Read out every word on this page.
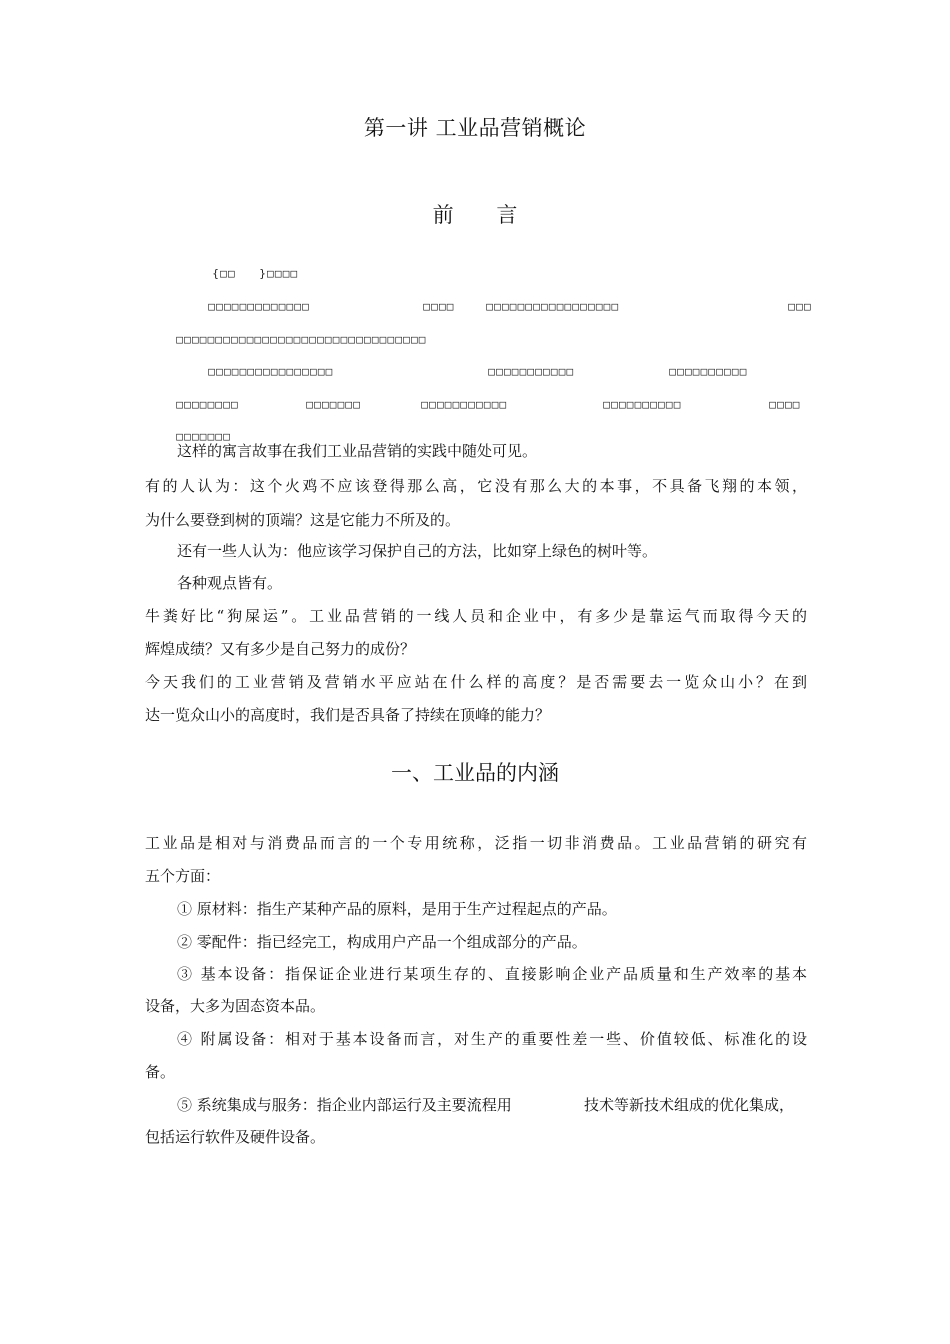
第一讲 工业品营销概论
前 言

{□□   }□□□□

□□□□□□□□□□□□□
	□□□□
	□□□□□□□□□□□□□□□□□
	□□□

□□□□□□□□□□□□□□□□□□□□□□□□□□□□□□□□

□□□□□□□□□□□□□□□□
	□□□□□□□□□□□
	□□□□□□□□□□

□□□□□□□□
	□□□□□□□
	□□□□□□□□□□□
	□□□□□□□□□□
	□□□□

□□□□□□□

这样的寓言故事在我们工业品营销的实践中随处可见。
有的人认为：这个火鸡不应该登得那么高，它没有那么大的本事，不具备飞翔的本领，
为什么要登到树的顶端？这是它能力不所及的。
还有一些人认为：他应该学习保护自己的方法，比如穿上绿色的树叶等。
各种观点皆有。
牛粪好比“狗屎运”。工业品营销的一线人员和企业中，有多少是靠运气而取得今天的
辉煌成绩？又有多少是自己努力的成份？
今天我们的工业营销及营销水平应站在什么样的高度？是否需要去一览众山小？在到
达一览众山小的高度时，我们是否具备了持续在顶峰的能力？
一、工业品的内涵
工业品是相对与消费品而言的一个专用统称，泛指一切非消费品。工业品营销的研究有
五个方面：
① 原材料：指生产某种产品的原料，是用于生产过程起点的产品。
② 零配件：指已经完工，构成用户产品一个组成部分的产品。
③ 基本设备：指保证企业进行某项生存的、直接影响企业产品质量和生产效率的基本
设备，大多为固态资本品。
④ 附属设备：相对于基本设备而言，对生产的重要性差一些、价值较低、标准化的设
备。
⑤ 系统集成与服务：指企业内部运行及主要流程用	技术等新技术组成的优化集成，
包括运行软件及硬件设备。
